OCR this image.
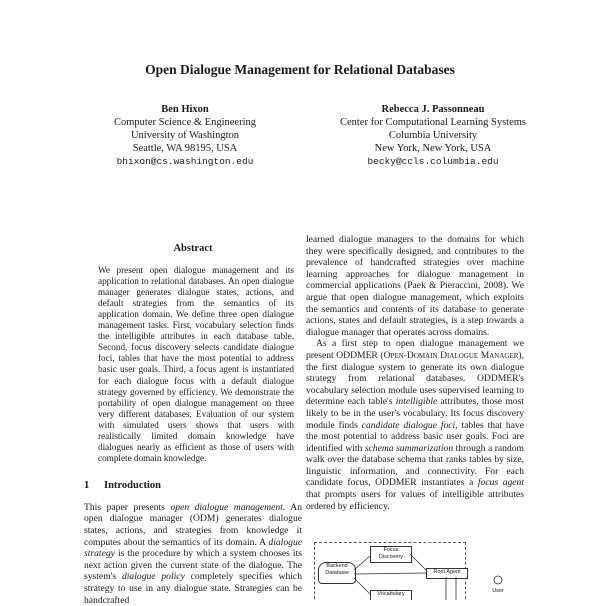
Open Dialogue Management for Relational Databases
Ben Hixon
Computer Science & Engineering
University of Washington
Seattle, WA 98195, USA
bhixon@cs.washington.edu
Rebecca J. Passonneau
Center for Computational Learning Systems
Columbia University
New York, New York, USA
becky@ccls.columbia.edu
Abstract

We present open dialogue management and its application to relational databases. An open dialogue manager generates dialogue states, actions, and default strategies from the semantics of its application domain. We define three open dialogue management tasks. First, vocabulary selection finds the intelligible attributes in each database table. Second, focus discovery selects candidate dialogue foci, tables that have the most potential to address basic user goals. Third, a focus agent is instantiated for each dialogue focus with a default dialogue strategy governed by efficiency. We demonstrate the portability of open dialogue management on three very different databases. Evaluation of our system with simulated users shows that users with realistically limited domain knowledge have dialogues nearly as efficient as those of users with complete domain knowledge.

1 Introduction

This paper presents open dialogue management. An open dialogue manager (ODM) generates dialogue states, actions, and strategies from knowledge it computes about the semantics of its domain. A dialogue strategy is the procedure by which a system chooses its next action given the current state of the dialogue. The system's dialogue policy completely specifies which strategy to use in any dialogue state. Strategies can be handcrafted

learned dialogue managers to the domains for which they were specifically designed, and contributes to the prevalence of handcrafted strategies over machine learning approaches for dialogue management in commercial applications (Paek & Pieraccini, 2008). We argue that open dialogue management, which exploits the semantics and contents of its database to generate actions, states and default strategies, is a step towards a dialogue manager that operates across domains.

As a first step to open dialogue management we present ODDMER (Open-Domain Dialogue Manager), the first dialogue system to generate its own dialogue strategy from relational databases. ODDMER's vocabulary selection module uses supervised learning to determine each table's intelligible attributes, those most likely to be in the user's vocabulary. Its focus discovery module finds candidate dialogue foci, tables that have the most potential to address basic user goals. Foci are identified with schema summarization through a random walk over the database schema that ranks tables by size, linguistic information, and connectivity. For each candidate focus, ODDMER instantiates a focus agent that prompts users for values of intelligible attributes ordered by efficiency.

Focus Discovery
Backend Database	Root Agent
Vocabulary	User
